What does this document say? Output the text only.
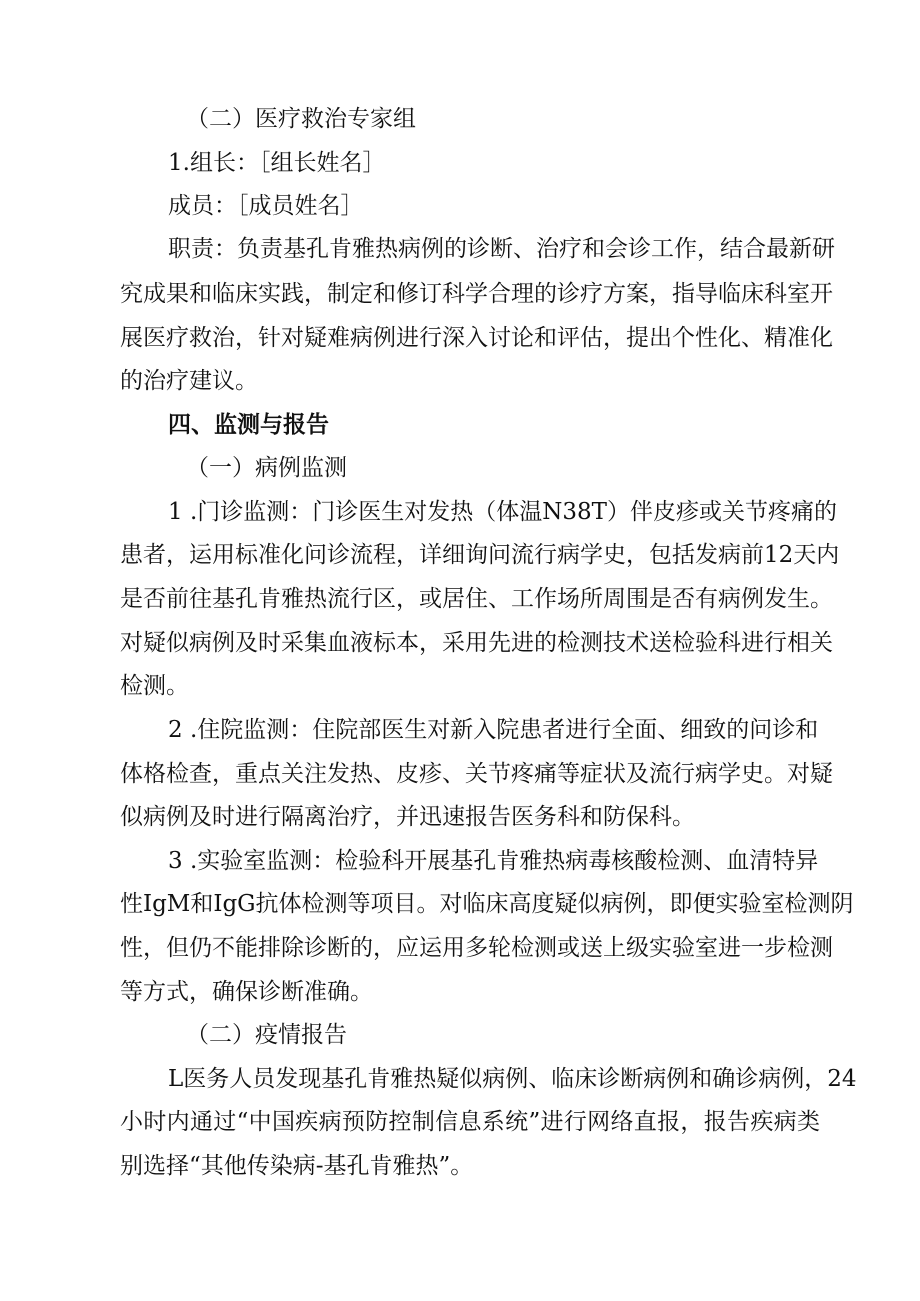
（二）医疗救治专家组
1.组长：［组长姓名］
成员：［成员姓名］
职责：负责基孔肯雅热病例的诊断、治疗和会诊工作，结合最新研
究成果和临床实践，制定和修订科学合理的诊疗方案，指导临床科室开
展医疗救治，针对疑难病例进行深入讨论和评估，提出个性化、精准化
的治疗建议。
四、监测与报告
（一）病例监测
1 .门诊监测：门诊医生对发热（体温N38T）伴皮疹或关节疼痛的
患者，运用标准化问诊流程，详细询问流行病学史，包括发病前12天内
是否前往基孔肯雅热流行区，或居住、工作场所周围是否有病例发生。
对疑似病例及时采集血液标本，采用先进的检测技术送检验科进行相关
检测。
2 .住院监测：住院部医生对新入院患者进行全面、细致的问诊和
体格检查，重点关注发热、皮疹、关节疼痛等症状及流行病学史。对疑
似病例及时进行隔离治疗，并迅速报告医务科和防保科。
3 .实验室监测：检验科开展基孔肯雅热病毒核酸检测、血清特异
性IgM和IgG抗体检测等项目。对临床高度疑似病例，即便实验室检测阴
性，但仍不能排除诊断的，应运用多轮检测或送上级实验室进一步检测
等方式，确保诊断准确。
（二）疫情报告
L医务人员发现基孔肯雅热疑似病例、临床诊断病例和确诊病例，24
小时内通过“中国疾病预防控制信息系统”进行网络直报，报告疾病类
别选择“其他传染病-基孔肯雅热”。
